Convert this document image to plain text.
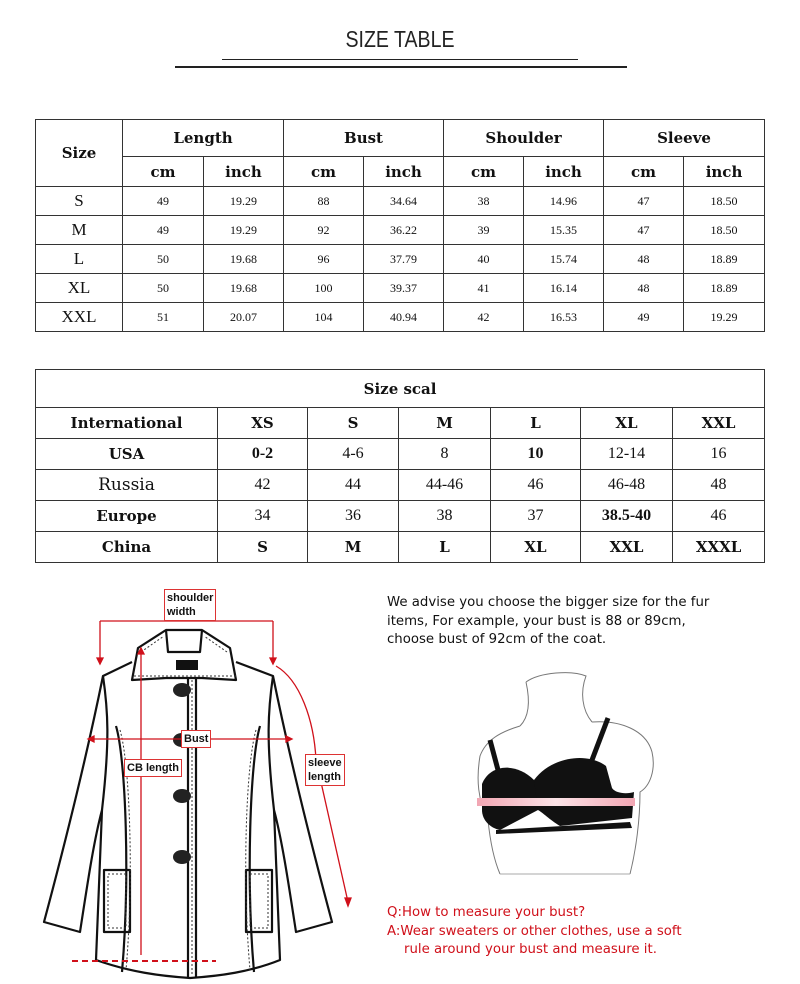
SIZE TABLE
Size	Length		Bust		Shoulder		Sleeve	
	cm	inch	cm	inch	cm	inch	cm	inch
S	49	19.29	88	34.64	38	14.96	47	18.50
M	49	19.29	92	36.22	39	15.35	47	18.50
L	50	19.68	96	37.79	40	15.74	48	18.89
XL	50	19.68	100	39.37	41	16.14	48	18.89
XXL	51	20.07	104	40.94	42	16.53	49	19.29
Size scal						
International	XS	S	M	L	XL	XXL
USA	0-2	4-6	8	10	12-14	16
Russia	42	44	44-46	46	46-48	48
Europe	34	36	38	37	38.5-40	46
China	S	M	L	XL	XXL	XXXL
shoulder
width
Bust
CB length	sleeve
length
We advise you choose the bigger size for the fur
items, For example, your bust is 88 or 89cm,
choose bust of 92cm of the coat.
Q:How to measure your bust?
A:Wear sweaters or other clothes, use a soft
rule around your bust and measure it.
